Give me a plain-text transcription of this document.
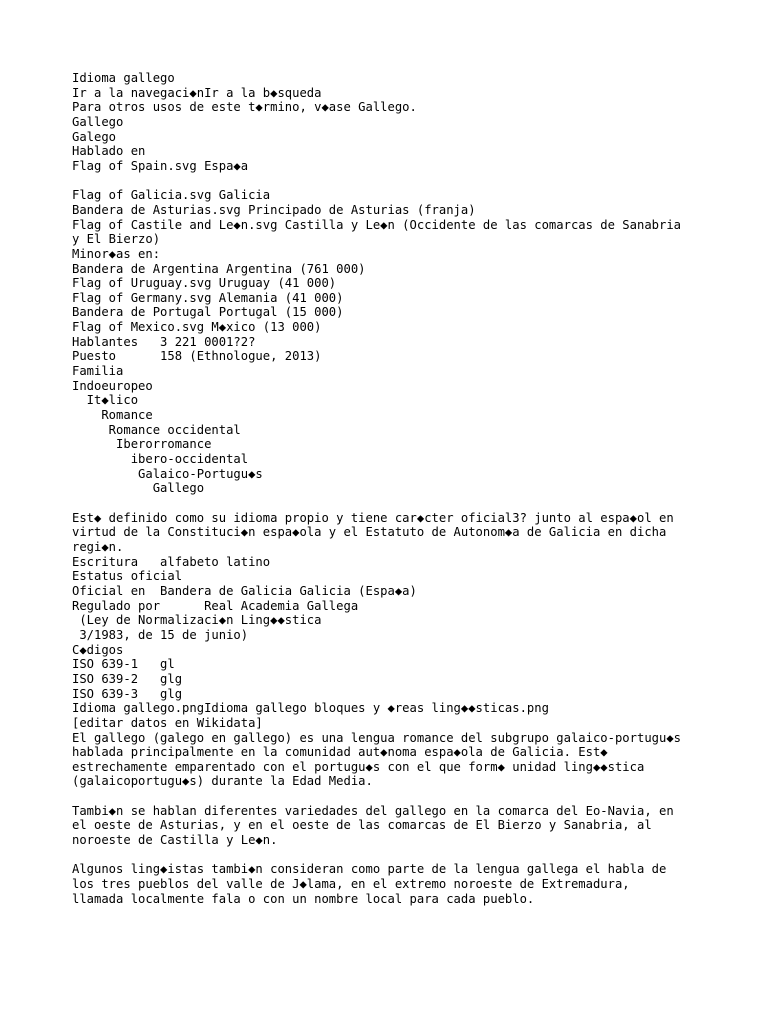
Idioma gallego
Ir a la navegaci◆nIr a la b◆squeda
Para otros usos de este t◆rmino, v◆ase Gallego.
Gallego
Galego
Hablado en
Flag of Spain.svg Espa◆a
Flag of Galicia.svg Galicia
Bandera de Asturias.svg Principado de Asturias (franja)
Flag of Castile and Le◆n.svg Castilla y Le◆n (Occidente de las comarcas de Sanabria
y El Bierzo)
Minor◆as en:
Bandera de Argentina Argentina (761 000)
Flag of Uruguay.svg Uruguay (41 000)
Flag of Germany.svg Alemania (41 000)
Bandera de Portugal Portugal (15 000)
Flag of Mexico.svg M◆xico (13 000)
Hablantes   3 221 0001?2?
Puesto      158 (Ethnologue, 2013)
Familia
Indoeuropeo
It◆lico
Romance
Romance occidental
Iberorromance
ibero-occidental
Galaico-Portugu◆s
Gallego
Est◆ definido como su idioma propio y tiene car◆cter oficial3? junto al espa◆ol en
virtud de la Constituci◆n espa◆ola y el Estatuto de Autonom◆a de Galicia en dicha
regi◆n.
Escritura   alfabeto latino
Estatus oficial
Oficial en  Bandera de Galicia Galicia (Espa◆a)
Regulado por      Real Academia Gallega
(Ley de Normalizaci◆n Ling◆◆stica
3/1983, de 15 de junio)
C◆digos
ISO 639-1   gl
ISO 639-2   glg
ISO 639-3   glg
Idioma gallego.pngIdioma gallego bloques y ◆reas ling◆◆sticas.png
[editar datos en Wikidata]
El gallego (galego en gallego) es una lengua romance del subgrupo galaico-portugu◆s
hablada principalmente en la comunidad aut◆noma espa◆ola de Galicia. Est◆
estrechamente emparentado con el portugu◆s con el que form◆ unidad ling◆◆stica
(galaicoportugu◆s) durante la Edad Media.
Tambi◆n se hablan diferentes variedades del gallego en la comarca del Eo-Navia, en
el oeste de Asturias, y en el oeste de las comarcas de El Bierzo y Sanabria, al
noroeste de Castilla y Le◆n.
Algunos ling◆istas tambi◆n consideran como parte de la lengua gallega el habla de
los tres pueblos del valle de J◆lama, en el extremo noroeste de Extremadura,
llamada localmente fala o con un nombre local para cada pueblo.
